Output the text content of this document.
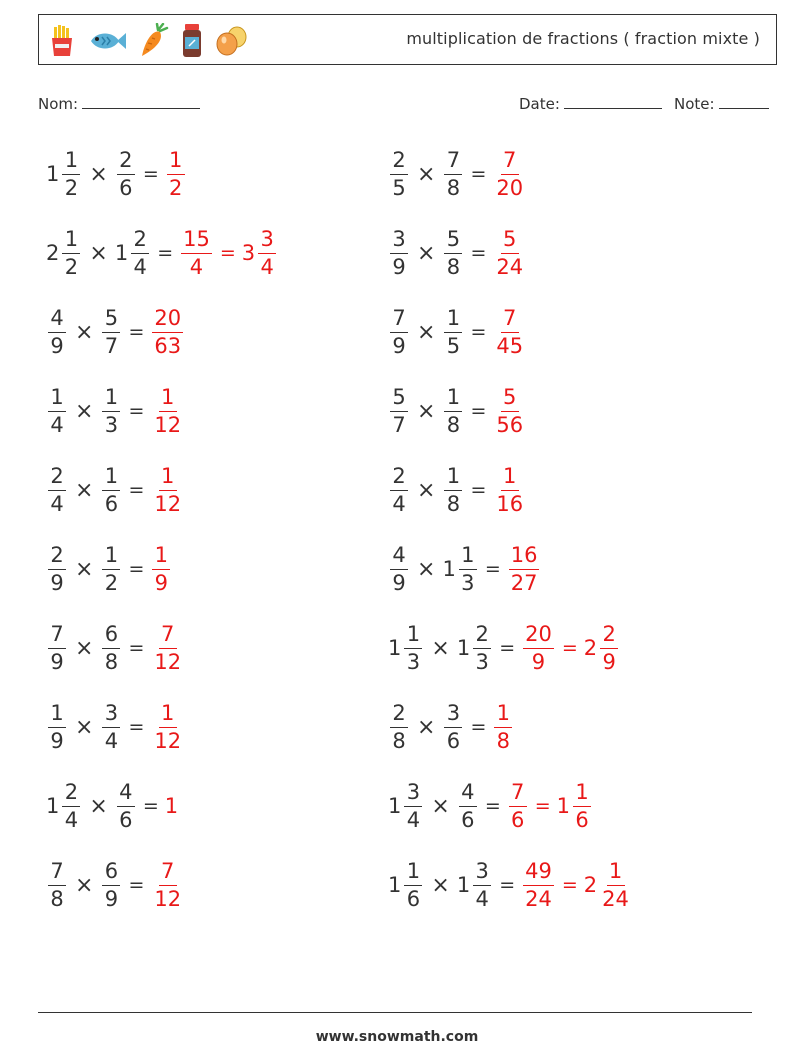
multiplication de fractions ( fraction mixte )
Nom:	Date:	Note:
$1 \frac{1}{2} \times \frac{2}{6} = \frac{1}{2}$	$\frac{2}{5} \times \frac{7}{8} = \frac{7}{20}$
$2 \frac{1}{2} \times 1 \frac{2}{4} = \frac{15}{4} = 3 \frac{3}{4}$	$\frac{3}{9} \times \frac{5}{8} = \frac{5}{24}$
$\frac{4}{9} \times \frac{5}{7} = \frac{20}{63}$	$\frac{7}{9} \times \frac{1}{5} = \frac{7}{45}$
$\frac{1}{4} \times \frac{1}{3} = \frac{1}{12}$	$\frac{5}{7} \times \frac{1}{8} = \frac{5}{56}$
$\frac{2}{4} \times \frac{1}{6} = \frac{1}{12}$	$\frac{2}{4} \times \frac{1}{8} = \frac{1}{16}$
$\frac{2}{9} \times \frac{1}{2} = \frac{1}{9}$	$\frac{4}{9} \times 1 \frac{1}{3} = \frac{16}{27}$
$\frac{7}{9} \times \frac{6}{8} = \frac{7}{12}$	$1 \frac{1}{3} \times 1 \frac{2}{3} = \frac{20}{9} = 2 \frac{2}{9}$
$\frac{1}{9} \times \frac{3}{4} = \frac{1}{12}$	$\frac{2}{8} \times \frac{3}{6} = \frac{1}{8}$
$1 \frac{2}{4} \times \frac{4}{6} = 1$	$1 \frac{3}{4} \times \frac{4}{6} = \frac{7}{6} = 1 \frac{1}{6}$
$\frac{7}{8} \times \frac{6}{9} = \frac{7}{12}$	$1 \frac{1}{6} \times 1 \frac{3}{4} = \frac{49}{24} = 2 \frac{1}{24}$
www.snowmath.com
